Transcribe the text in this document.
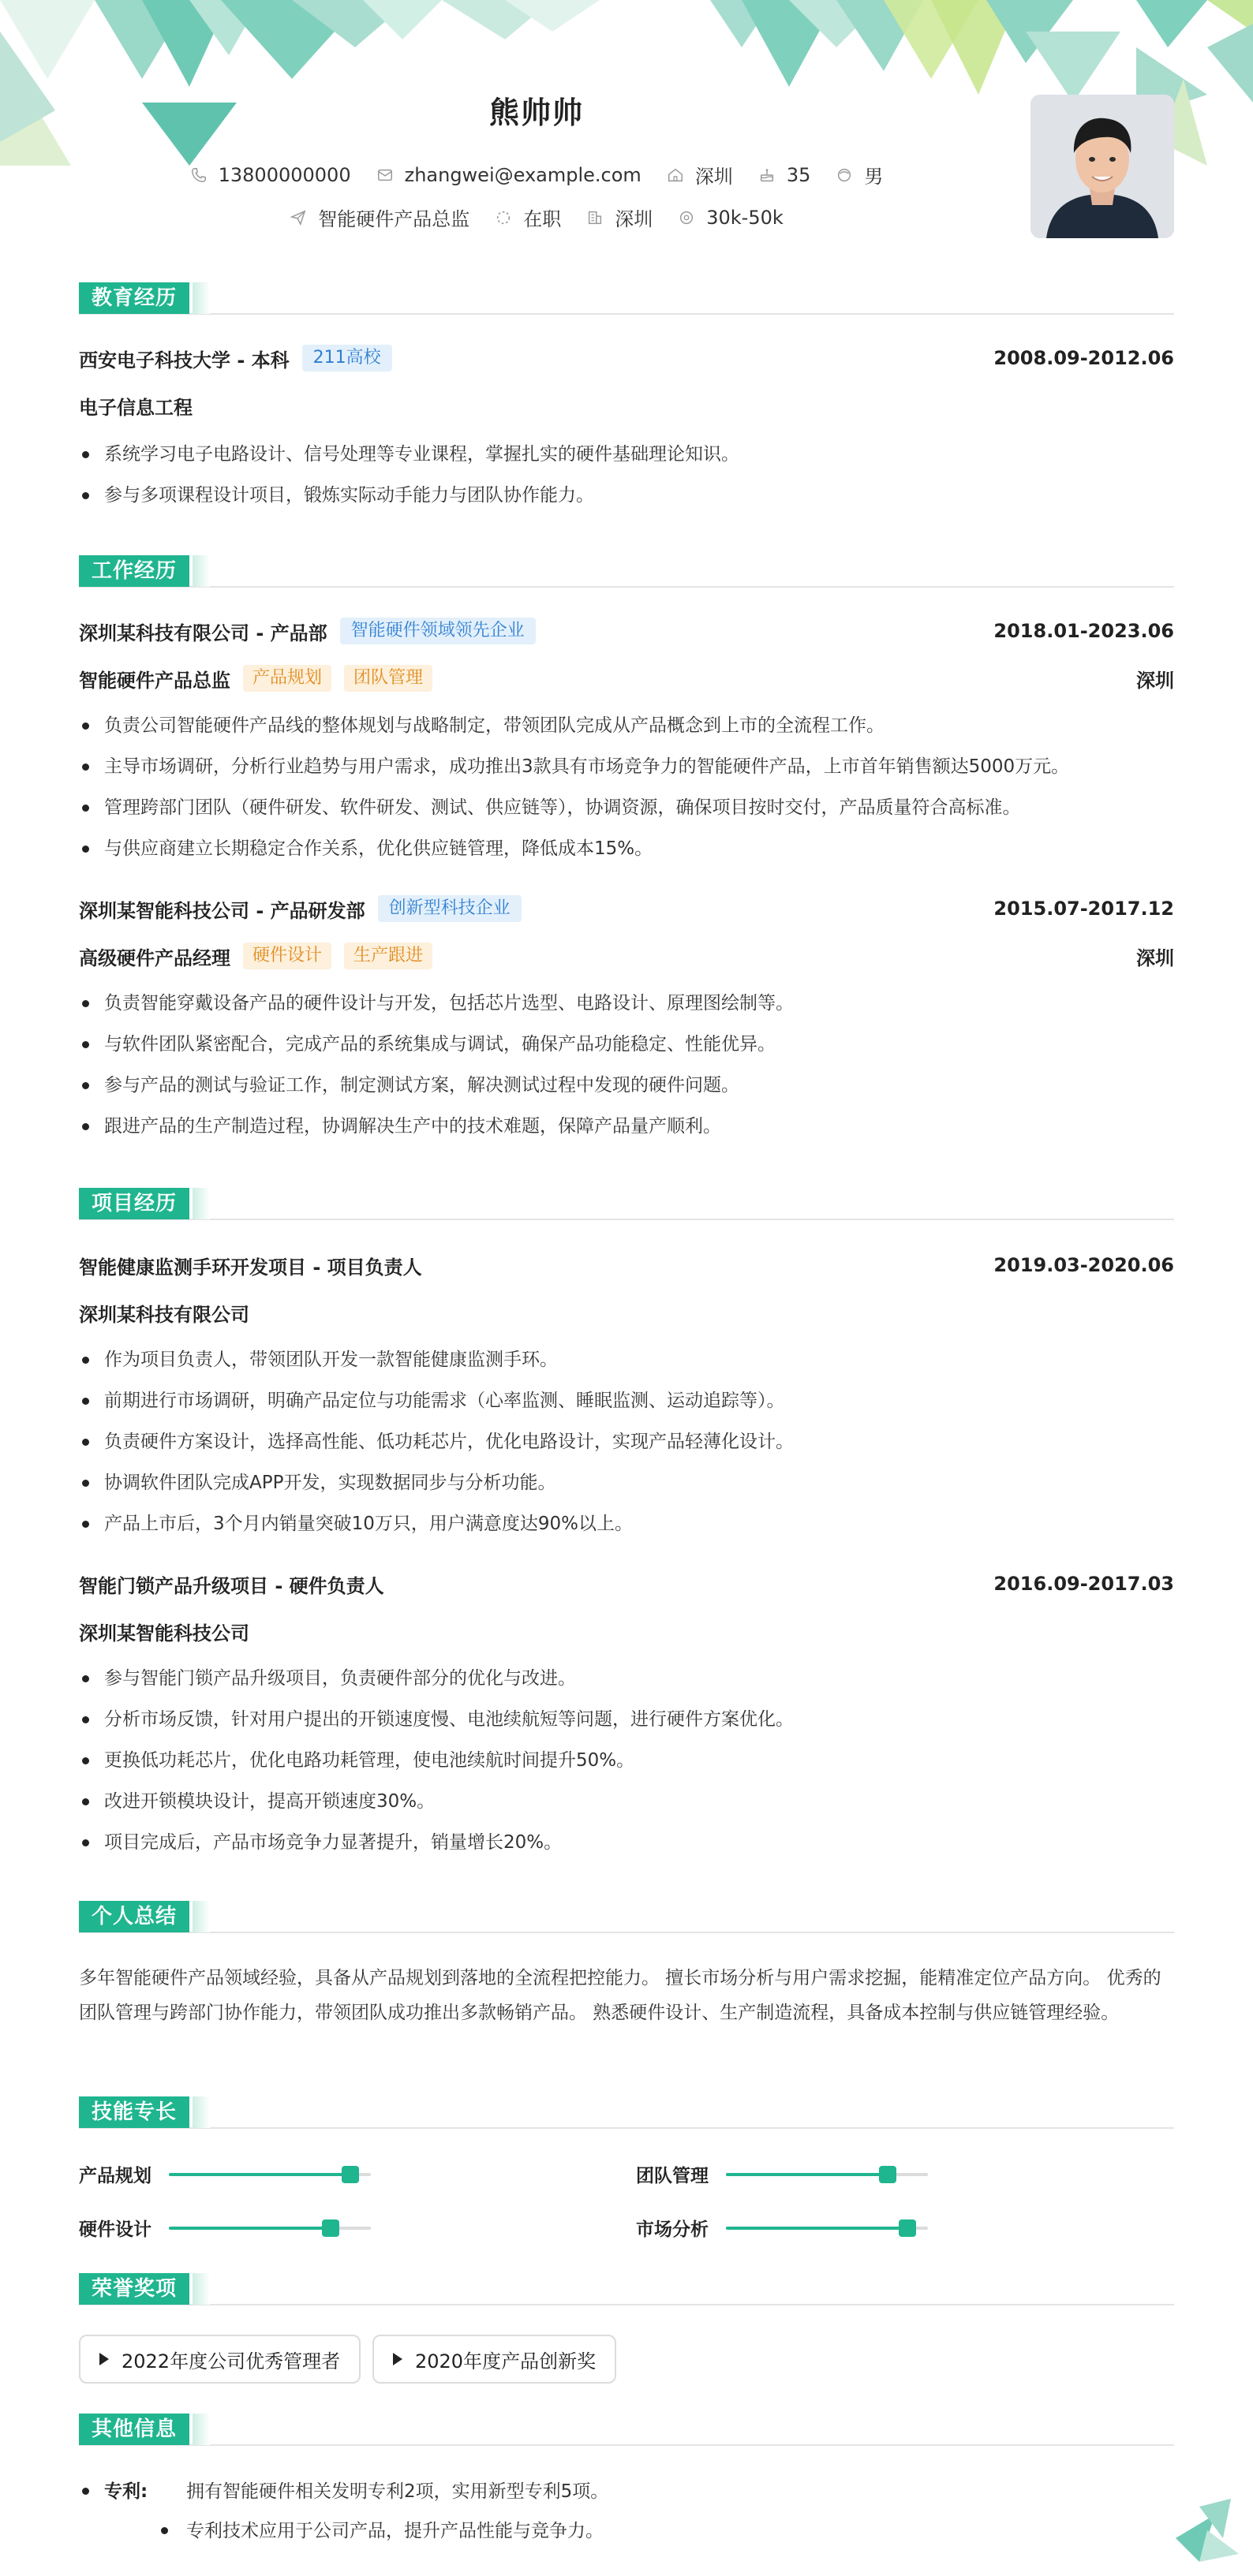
熊帅帅
13800000000	zhangwei@example.com	深圳	35	男
智能硬件产品总监	在职	深圳	30k-50k
教育经历
西安电子科技大学 - 本科	211高校	2008.09-2012.06
电子信息工程
系统学习电子电路设计、信号处理等专业课程，掌握扎实的硬件基础理论知识。
参与多项课程设计项目，锻炼实际动手能力与团队协作能力。
工作经历
深圳某科技有限公司 - 产品部	智能硬件领域领先企业	2018.01-2023.06
智能硬件产品总监	产品规划	团队管理	深圳
负责公司智能硬件产品线的整体规划与战略制定，带领团队完成从产品概念到上市的全流程工作。
主导市场调研，分析行业趋势与用户需求，成功推出3款具有市场竞争力的智能硬件产品，上市首年销售额达5000万元。
管理跨部门团队（硬件研发、软件研发、测试、供应链等），协调资源，确保项目按时交付，产品质量符合高标准。
与供应商建立长期稳定合作关系，优化供应链管理，降低成本15%。
深圳某智能科技公司 - 产品研发部	创新型科技企业	2015.07-2017.12
高级硬件产品经理	硬件设计	生产跟进	深圳
负责智能穿戴设备产品的硬件设计与开发，包括芯片选型、电路设计、原理图绘制等。
与软件团队紧密配合，完成产品的系统集成与调试，确保产品功能稳定、性能优异。
参与产品的测试与验证工作，制定测试方案，解决测试过程中发现的硬件问题。
跟进产品的生产制造过程，协调解决生产中的技术难题，保障产品量产顺利。
项目经历
智能健康监测手环开发项目 - 项目负责人	2019.03-2020.06
深圳某科技有限公司
作为项目负责人，带领团队开发一款智能健康监测手环。
前期进行市场调研，明确产品定位与功能需求（心率监测、睡眠监测、运动追踪等）。
负责硬件方案设计，选择高性能、低功耗芯片，优化电路设计，实现产品轻薄化设计。
协调软件团队完成APP开发，实现数据同步与分析功能。
产品上市后，3个月内销量突破10万只，用户满意度达90%以上。
智能门锁产品升级项目 - 硬件负责人	2016.09-2017.03
深圳某智能科技公司
参与智能门锁产品升级项目，负责硬件部分的优化与改进。
分析市场反馈，针对用户提出的开锁速度慢、电池续航短等问题，进行硬件方案优化。
更换低功耗芯片，优化电路功耗管理，使电池续航时间提升50%。
改进开锁模块设计，提高开锁速度30%。
项目完成后，产品市场竞争力显著提升，销量增长20%。
个人总结
多年智能硬件产品领域经验，具备从产品规划到落地的全流程把控能力。 擅长市场分析与用户需求挖掘，能精准定位产品方向。 优秀的团队管理与跨部门协作能力，带领团队成功推出多款畅销产品。 熟悉硬件设计、生产制造流程，具备成本控制与供应链管理经验。
技能专长
产品规划	团队管理
硬件设计	市场分析
荣誉奖项
2022年度公司优秀管理者	2020年度产品创新奖
其他信息
专利: 拥有智能硬件相关发明专利2项，实用新型专利5项。
专利技术应用于公司产品，提升产品性能与竞争力。
